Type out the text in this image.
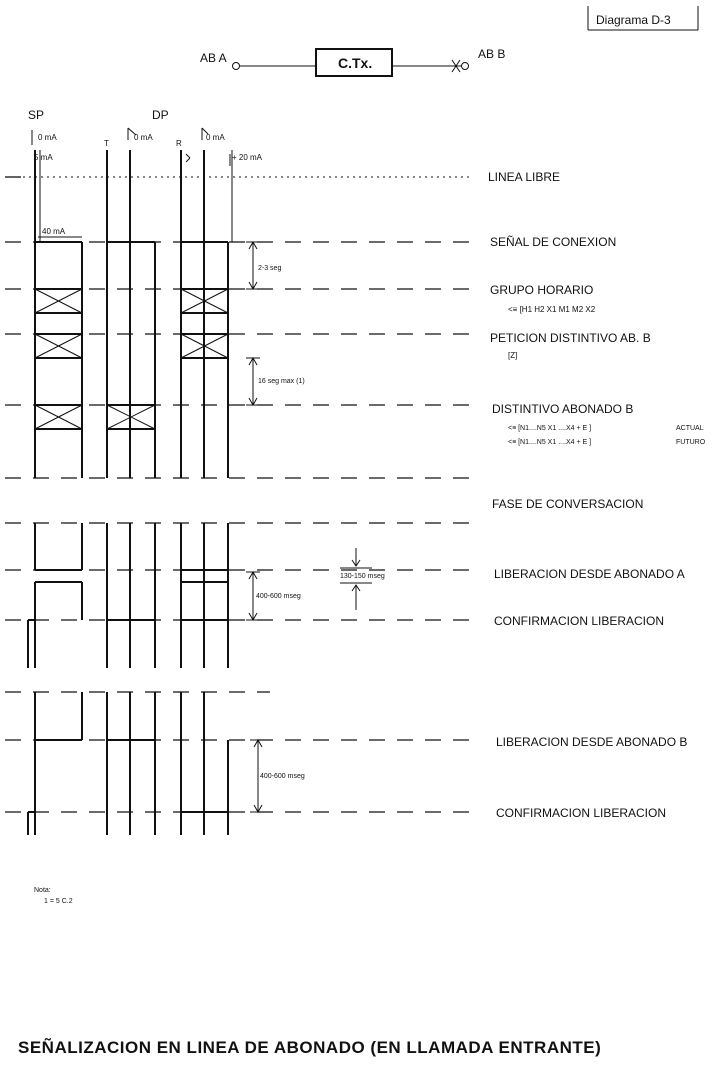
Diagrama D-3
AB A	C.Tx.
AB B
SP	DP
T	R
0 mA
5 mA
0 mA	0 mA
+ 20 mA
40 mA
2-3 seg
16 seg max (1)
400-600 mseg
130-150 mseg
400-600 mseg
LINEA LIBRE
SEÑAL DE CONEXION
GRUPO HORARIO
<≡ [H1 H2 X1 M1 M2 X2
PETICION DISTINTIVO AB. B
[Z]
DISTINTIVO ABONADO B
<≡ [N1....N5 X1 ....X4 + E ]	ACTUAL
<≡ [N1....N5 X1 ....X4 + E ]	FUTURO
FASE DE CONVERSACION
LIBERACION DESDE ABONADO A
CONFIRMACION LIBERACION
LIBERACION DESDE ABONADO B
CONFIRMACION LIBERACION
Nota:
1 = 5 C.2
SEÑALIZACION EN LINEA DE ABONADO (EN LLAMADA ENTRANTE)
